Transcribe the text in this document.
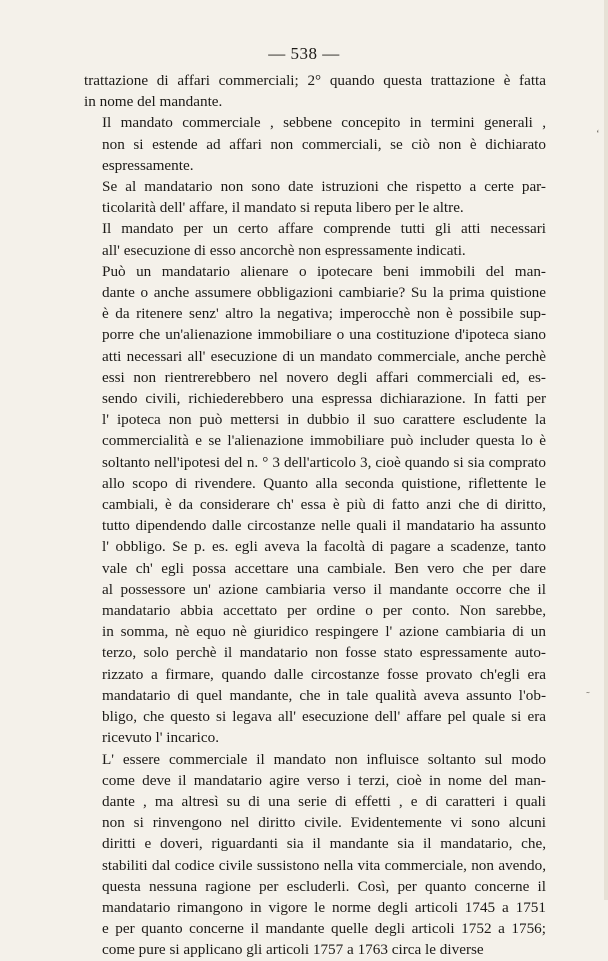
— 538 —

trattazione di affari commerciali; 2° quando questa trattazione è fatta
in nome del mandante.

Il mandato commerciale , sebbene concepito in termini generali ,
non si estende ad affari non commerciali, se ciò non è dichiarato
espressamente.

Se al mandatario non sono date istruzioni che rispetto a certe par-
ticolarità dell' affare, il mandato si reputa libero per le altre.

Il mandato per un certo affare comprende tutti gli atti necessari
all' esecuzione di esso ancorchè non espressamente indicati.

Può un mandatario alienare o ipotecare beni immobili del man-
dante o anche assumere obbligazioni cambiarie? Su la prima quistione
è da ritenere senz' altro la negativa; imperocchè non è possibile sup-
porre che un'alienazione immobiliare o una costituzione d'ipoteca siano
atti necessari all' esecuzione di un mandato commerciale, anche perchè
essi non rientrerebbero nel novero degli affari commerciali ed, es-
sendo civili, richiederebbero una espressa dichiarazione. In fatti per
l' ipoteca non può mettersi in dubbio il suo carattere escludente la
commercialità e se l'alienazione immobiliare può includer questa lo è
soltanto nell'ipotesi del n. ° 3 dell'articolo 3, cioè quando si sia comprato
allo scopo di rivendere. Quanto alla seconda quistione, riflettente le
cambiali, è da considerare ch' essa è più di fatto anzi che di diritto,
tutto dipendendo dalle circostanze nelle quali il mandatario ha assunto
l' obbligo. Se p. es. egli aveva la facoltà di pagare a scadenze, tanto
vale ch' egli possa accettare una cambiale. Ben vero che per dare
al possessore un' azione cambiaria verso il mandante occorre che il
mandatario abbia accettato per ordine o per conto. Non sarebbe,
in somma, nè equo nè giuridico respingere l' azione cambiaria di un
terzo, solo perchè il mandatario non fosse stato espressamente auto-
rizzato a firmare, quando dalle circostanze fosse provato ch'egli era
mandatario di quel mandante, che in tale qualità aveva assunto l'ob-
bligo, che questo si legava all' esecuzione dell' affare pel quale si era
ricevuto l' incarico.

L' essere commerciale il mandato non influisce soltanto sul modo
come deve il mandatario agire verso i terzi, cioè in nome del man-
dante , ma altresì su di una serie di effetti , e di caratteri i quali
non si rinvengono nel diritto civile. Evidentemente vi sono alcuni
diritti e doveri, riguardanti sia il mandante sia il mandatario, che,
stabiliti dal codice civile sussistono nella vita commerciale, non avendo,
questa nessuna ragione per escluderli. Così, per quanto concerne il
mandatario rimangono in vigore le norme degli articoli 1745 a 1751
e per quanto concerne il mandante quelle degli articoli 1752 a 1756;
come pure si applicano gli articoli 1757 a 1763 circa le diverse

ʻ
˜
